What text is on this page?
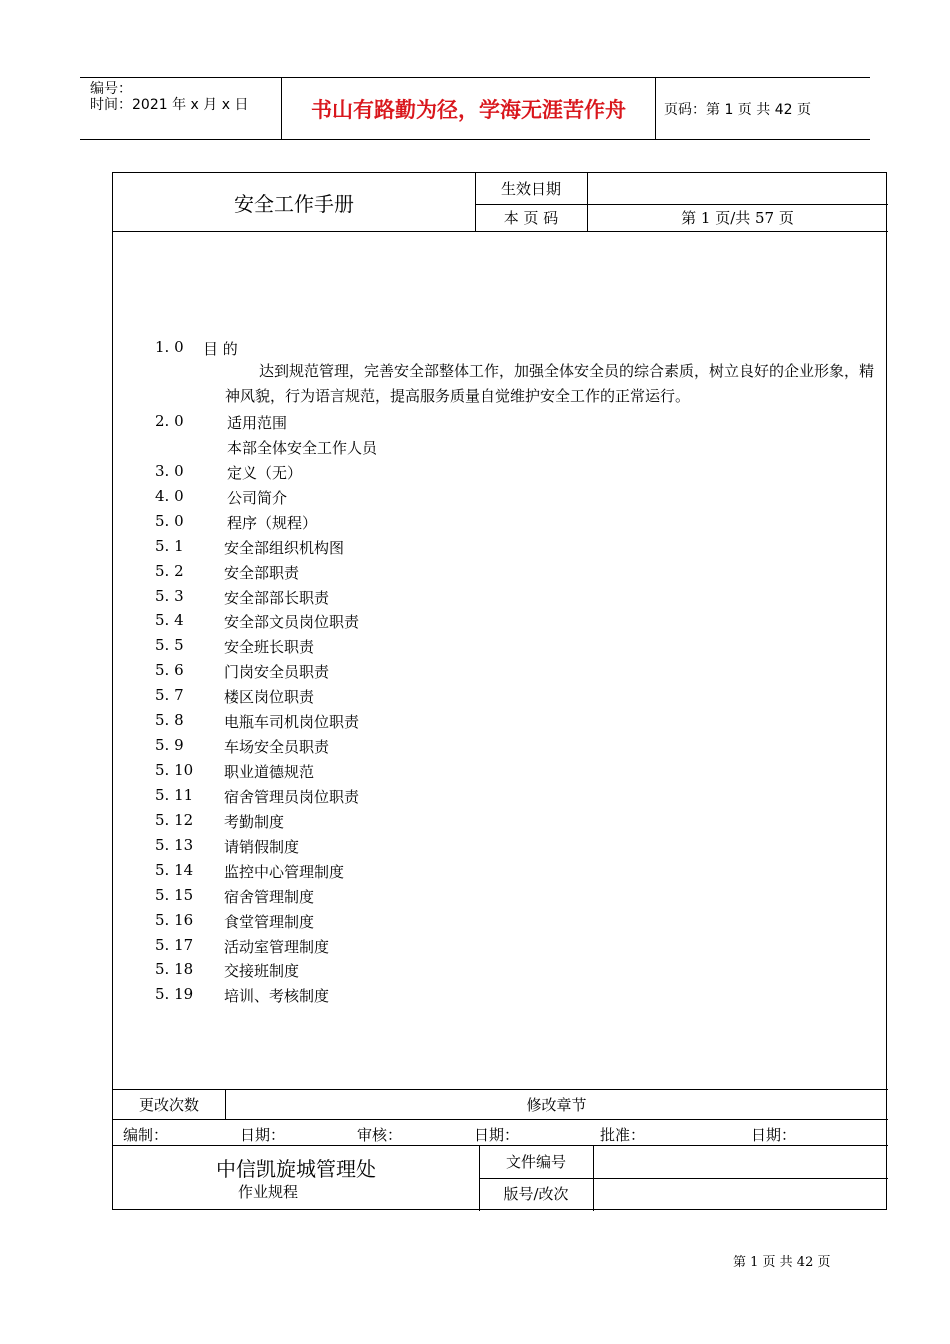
编号：
时间：2021 年 x 月 x 日	书山有路勤为径，学海无涯苦作舟	页码：第 1 页 共 42 页
安全工作手册
生效日期
本 页 码	第 1 页/共 57 页
1. 0 目 的
达到规范管理，完善安全部整体工作，加强全体安全员的综合素质，树立良好的企业形象，精神风貌，行为语言规范，提高服务质量自觉维护安全工作的正常运行。
2. 0	适用范围
本部全体安全工作人员
3. 0	定义（无）
4. 0	公司简介
5. 0	程序（规程）
5. 1	安全部组织机构图
5. 2	安全部职责
5. 3	安全部部长职责
5. 4	安全部文员岗位职责
5. 5	安全班长职责
5. 6	门岗安全员职责
5. 7	楼区岗位职责
5. 8	电瓶车司机岗位职责
5. 9	车场安全员职责
5. 10 职业道德规范
5. 11 宿舍管理员岗位职责
5. 12 考勤制度
5. 13 请销假制度
5. 14 监控中心管理制度
5. 15 宿舍管理制度
5. 16 食堂管理制度
5. 17 活动室管理制度
5. 18 交接班制度
5. 19 培训、考核制度
更改次数	修改章节
编制：	日期：	审核：	日期：	批准：	日期：
中信凯旋城管理处
作业规程
文件编号
版号/改次
第 1 页 共 42 页
